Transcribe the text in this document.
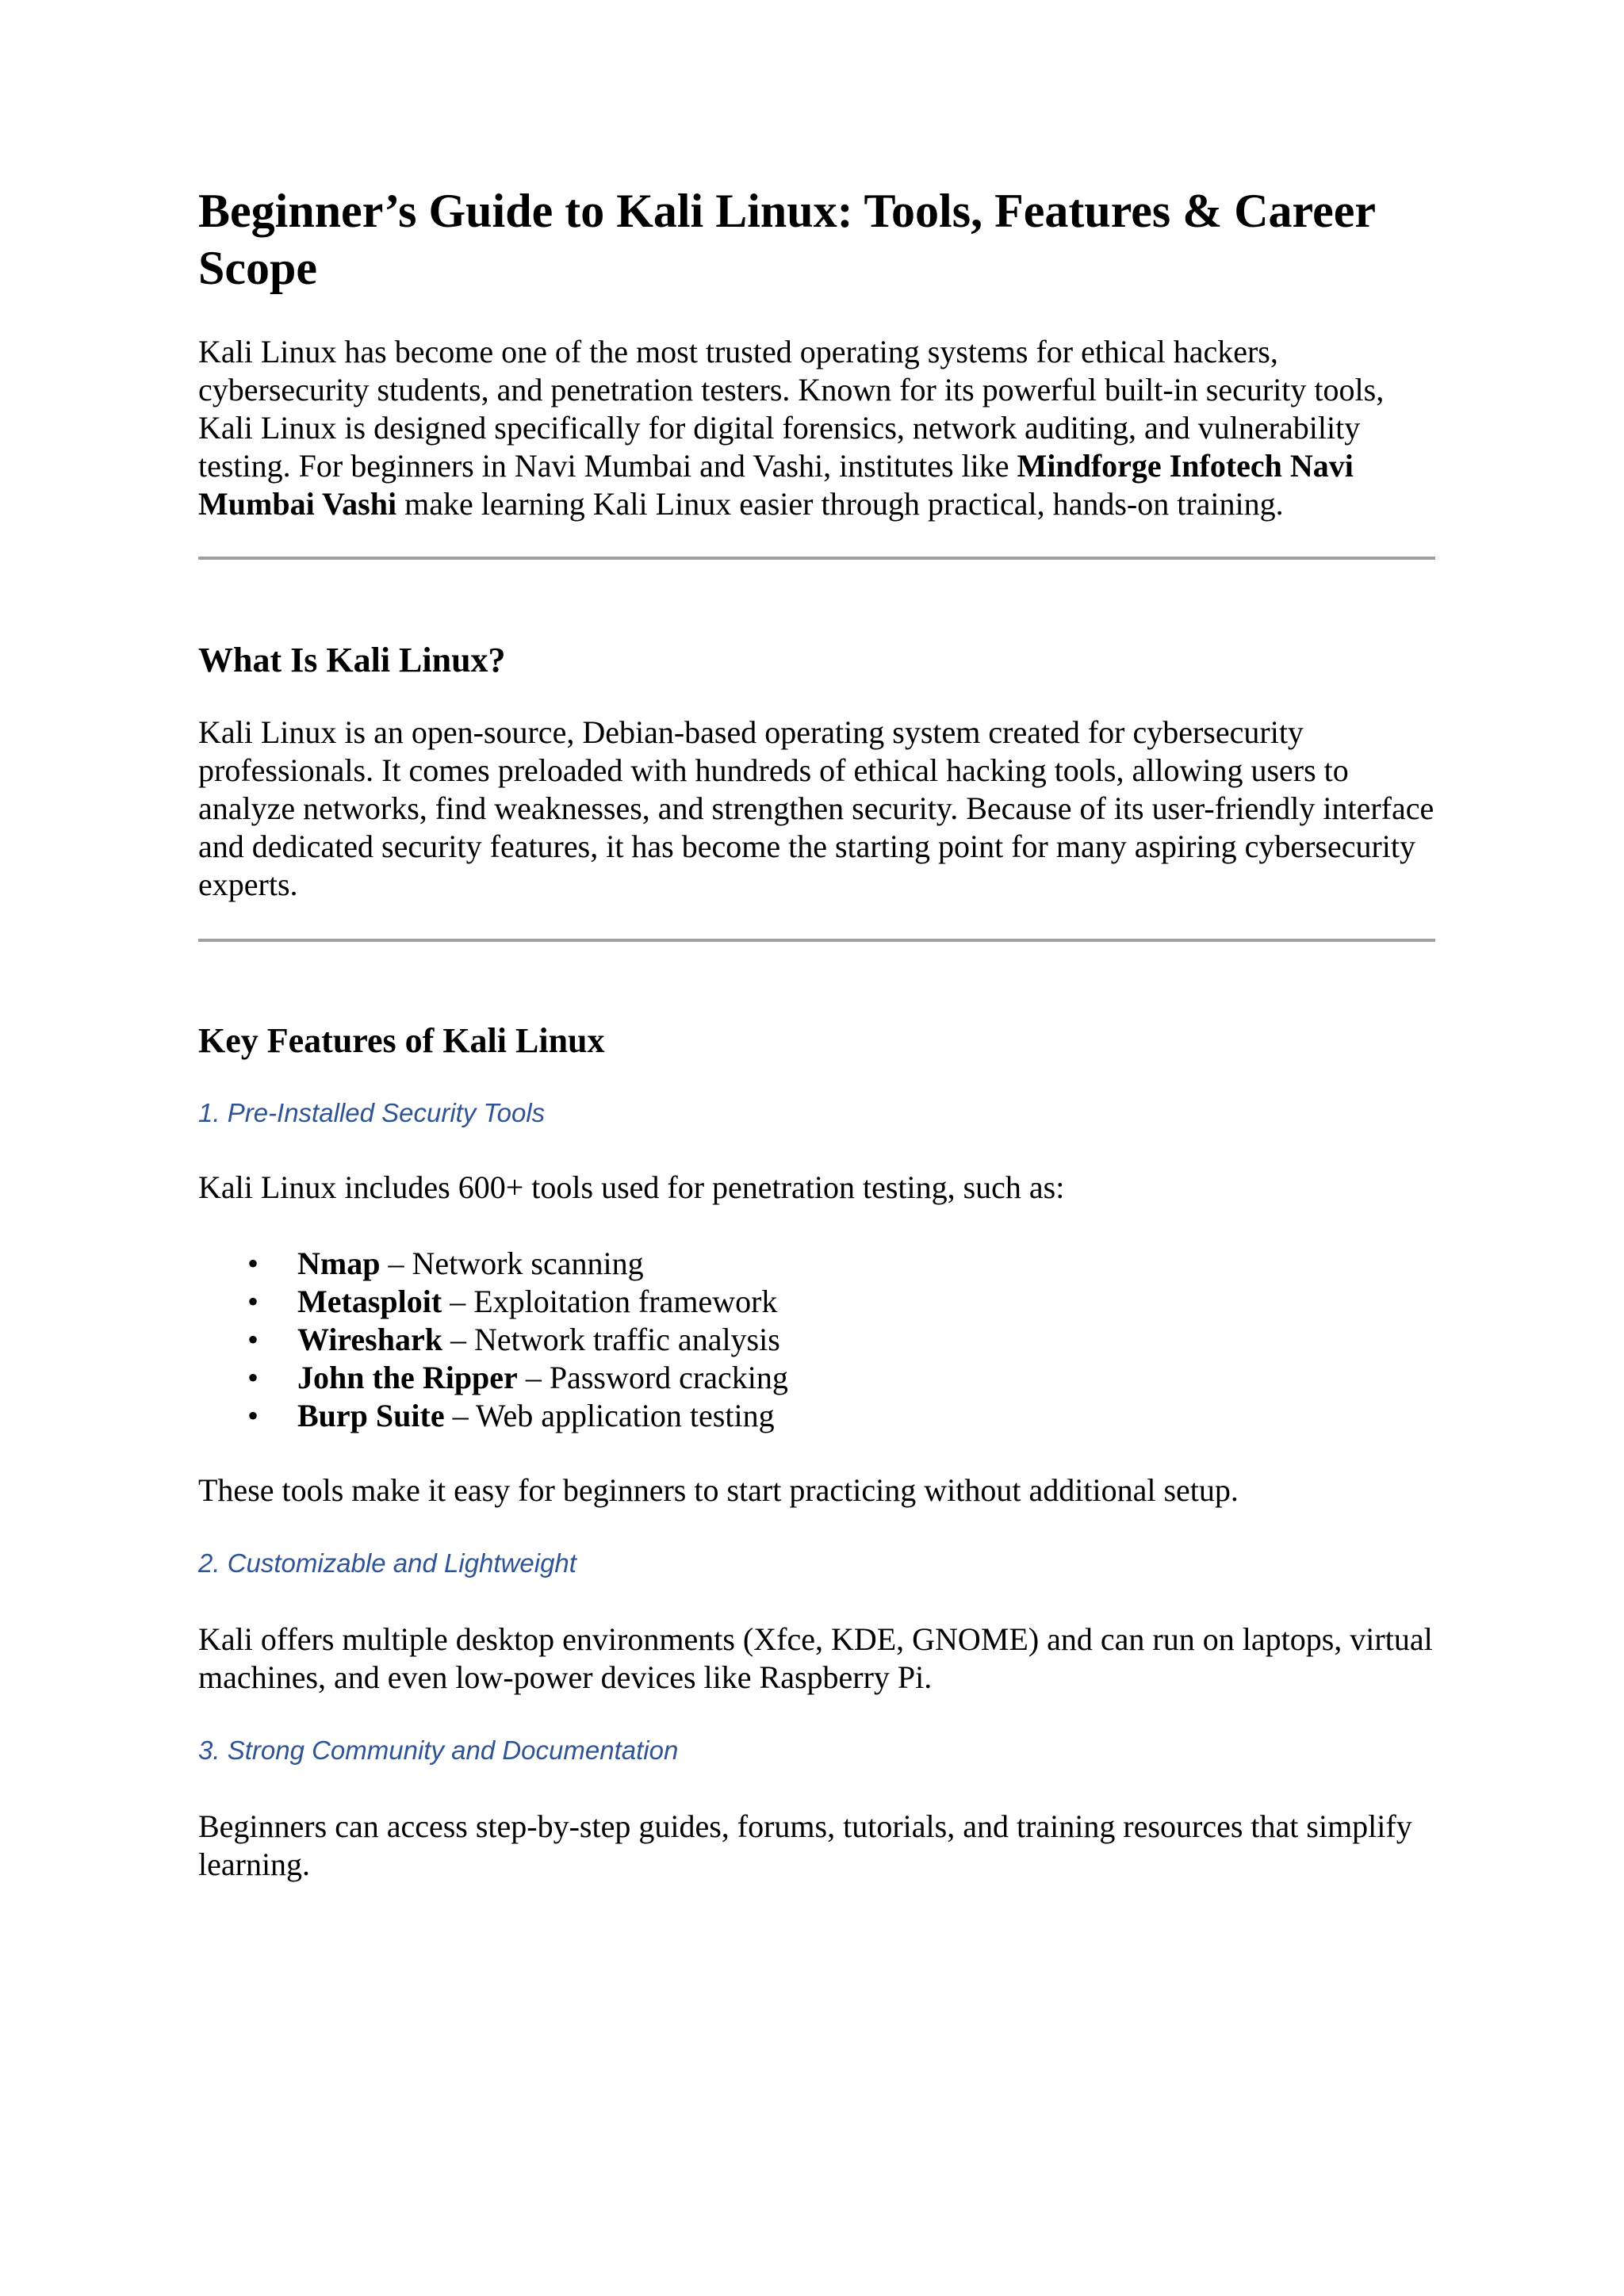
Beginner’s Guide to Kali Linux: Tools, Features & Career Scope

Kali Linux has become one of the most trusted operating systems for ethical hackers, cybersecurity students, and penetration testers. Known for its powerful built-in security tools, Kali Linux is designed specifically for digital forensics, network auditing, and vulnerability testing. For beginners in Navi Mumbai and Vashi, institutes like Mindforge Infotech Navi Mumbai Vashi make learning Kali Linux easier through practical, hands-on training.

What Is Kali Linux?

Kali Linux is an open-source, Debian-based operating system created for cybersecurity professionals. It comes preloaded with hundreds of ethical hacking tools, allowing users to analyze networks, find weaknesses, and strengthen security. Because of its user-friendly interface and dedicated security features, it has become the starting point for many aspiring cybersecurity experts.

Key Features of Kali Linux
1. Pre-Installed Security Tools

Kali Linux includes 600+ tools used for penetration testing, such as:

• Nmap – Network scanning
• Metasploit – Exploitation framework
• Wireshark – Network traffic analysis
• John the Ripper – Password cracking
• Burp Suite – Web application testing

These tools make it easy for beginners to start practicing without additional setup.

2. Customizable and Lightweight

Kali offers multiple desktop environments (Xfce, KDE, GNOME) and can run on laptops, virtual machines, and even low-power devices like Raspberry Pi.

3. Strong Community and Documentation

Beginners can access step-by-step guides, forums, tutorials, and training resources that simplify learning.
